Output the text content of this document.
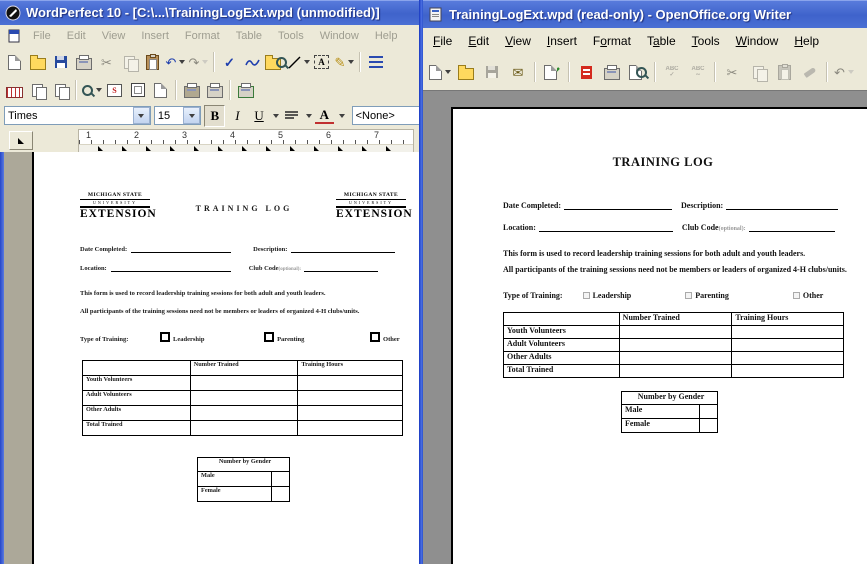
WordPerfect 10 - [C:\...\TrainingLogExt.wpd (unmodified)]
File	Edit	View	Insert	Format	Table	Tools	Window	Help
✂	↶ ↷ ✓	A ✎
S
Times	15	B	I	U	A	<None>
1	2	3	4	5	6	7
MICHIGAN STATE
UNIVERSITY
EXTENSION	TRAINING LOG
MICHIGAN STATE
UNIVERSITY
EXTENSION
Date Completed:	Description:
Location:	Club Code (optional):
This form is used to record leadership training sessions for both adult and youth leaders.
All participants of the training sessions need not be members or leaders of organized 4-H clubs/units.
Type of Training:	Leadership	Parenting	Other
	Number Trained	Training Hours
Youth Volunteers		
Adult Volunteers		
Other Adults		
Total Trained		
Number by Gender	
Male	
Female	
TrainingLogExt.wpd (read-only) - OpenOffice.org Writer
File	Edit	View	Insert	Format	Table	Tools	Window	Help
✉	ABC
✓
ABC
∼	✂	↶
TRAINING LOG
Date Completed:	Description:
Location:	Club Code (optional):
This form is used to record leadership training sessions for both adult and youth leaders.
All participants of the training sessions need not be members or leaders of organized 4-H clubs/units.
Type of Training:	Leadership	Parenting	Other
	Number Trained	Training Hours
Youth Volunteers		
Adult Volunteers		
Other Adults		
Total Trained		
Number by Gender	
Male	
Female	
